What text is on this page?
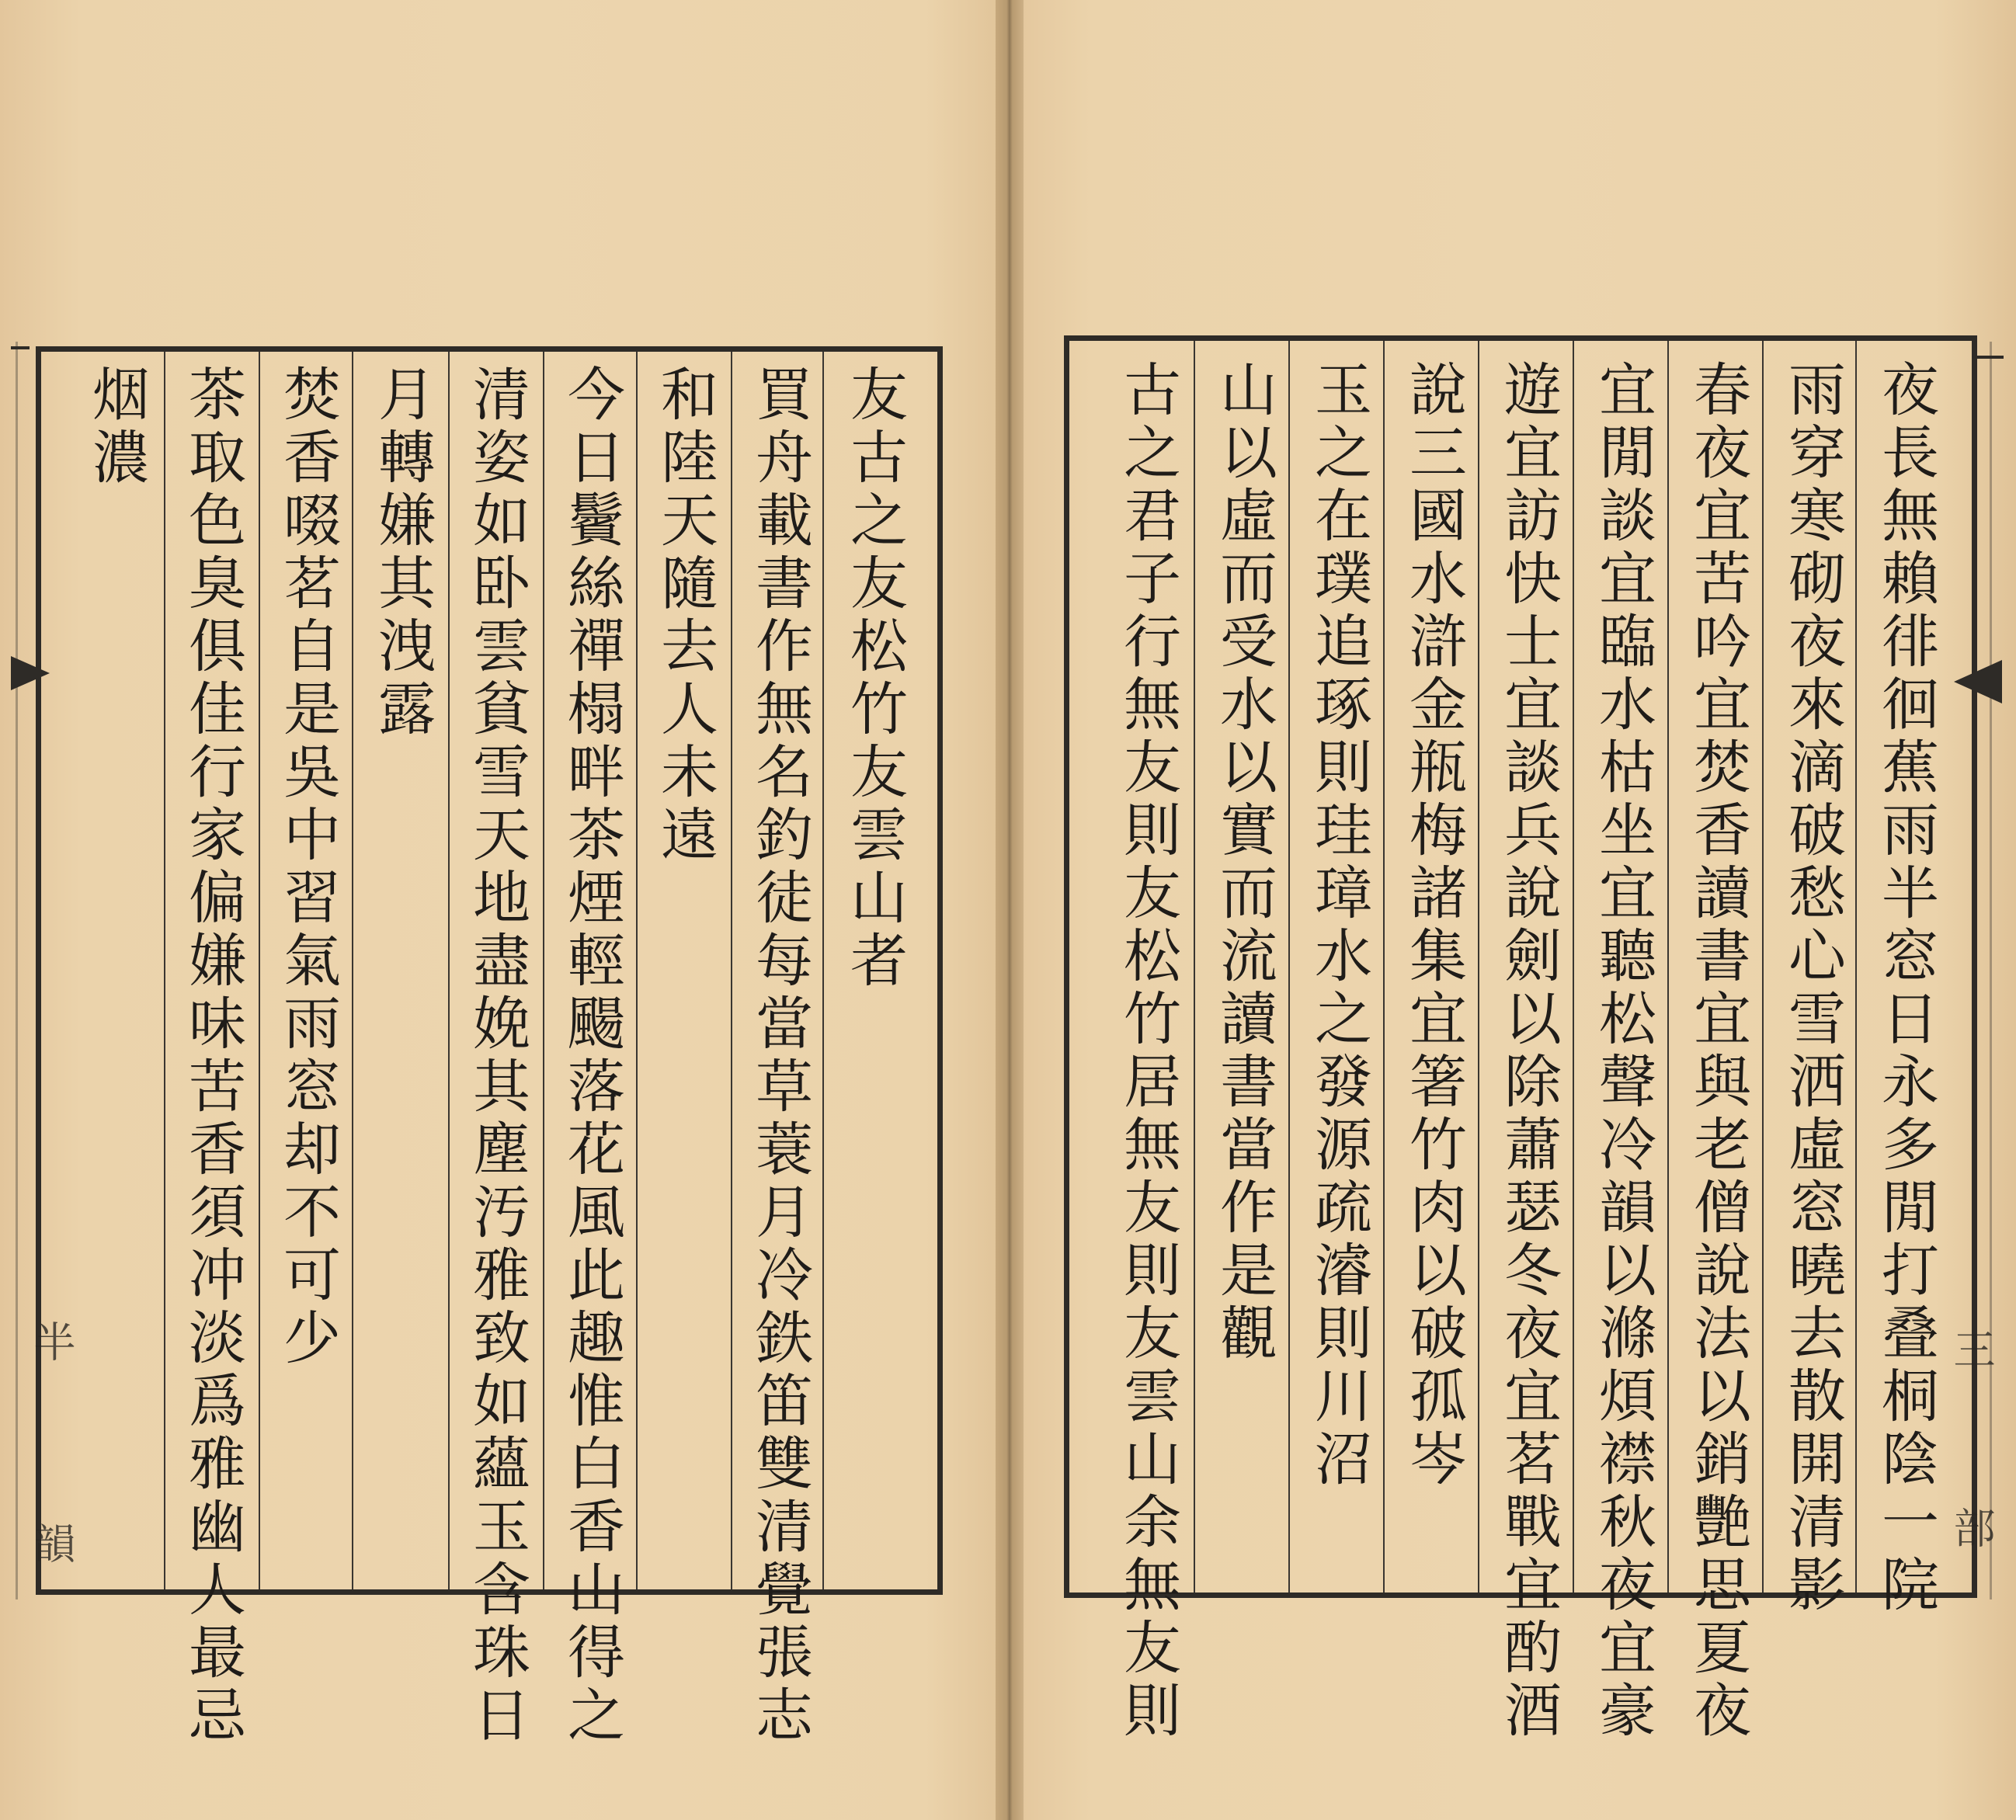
友古之友松竹友雲山者
買舟載書作無名釣徒每當草蓑月冷鉄笛雙清覺張志
和陸天隨去人未遠
今日鬢絲禪榻畔茶煙輕颺落花風此趣惟白香山得之
清姿如卧雲貧雪天地盡娩其塵汚雅致如蘊玉含珠日
月轉嫌其洩露
焚香啜茗自是吳中習氣雨窓却不可少
茶取色臭俱佳行家偏嫌味苦香須冲淡爲雅幽人最忌
烟濃	夜長無賴徘徊蕉雨半窓日永多閒打叠桐陰一院
雨穿寒砌夜來滴破愁心雪洒虛窓曉去散開清影
春夜宜苦吟宜焚香讀書宜與老僧說法以銷艷思夏夜
宜閒談宜臨水枯坐宜聽松聲冷韻以滌煩襟秋夜宜豪
遊宜訪快士宜談兵說劍以除蕭瑟冬夜宜茗戰宜酌酒
說三國水滸金瓶梅諸集宜箸竹肉以破孤岑
玉之在璞追琢則珪璋水之發源疏濬則川沼
山以虛而受水以實而流讀書當作是觀
古之君子行無友則友松竹居無友則友雲山余無友則
半
韻
三
部
